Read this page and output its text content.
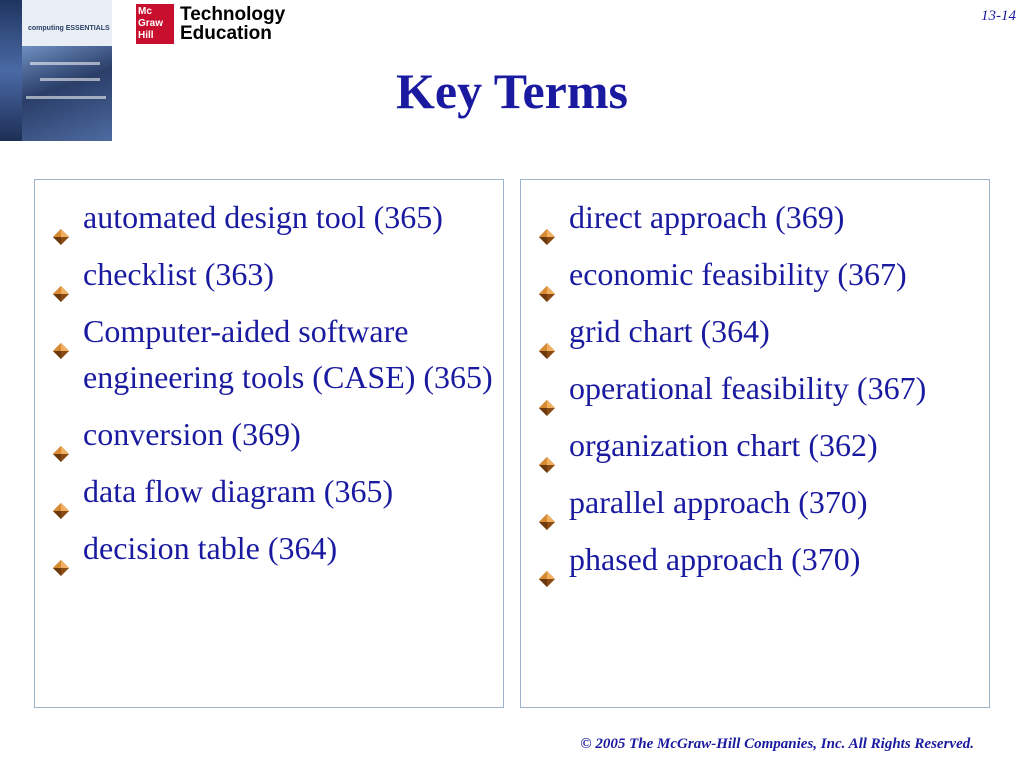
computing ESSENTIALS
Mc
Graw
Hill
Technology
Education
13-14
Key Terms
automated design tool (365)
checklist (363)
Computer-aided software engineering tools (CASE) (365)
conversion (369)
data flow diagram (365)
decision table (364)
direct approach (369)
economic feasibility (367)
grid chart (364)
operational feasibility (367)
organization chart (362)
parallel approach (370)
phased approach (370)
© 2005 The McGraw-Hill Companies, Inc. All Rights Reserved.
